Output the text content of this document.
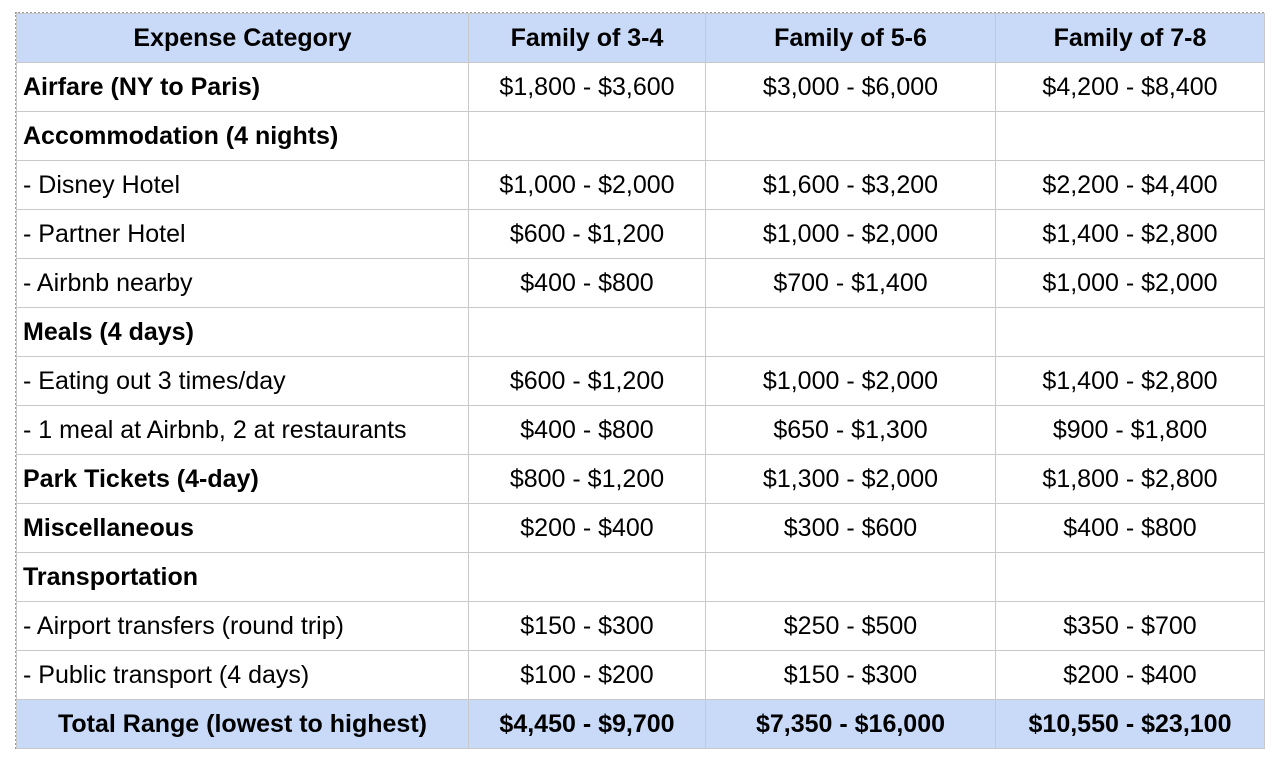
Expense Category	Family of 3-4	Family of 5-6	Family of 7-8
Airfare (NY to Paris)	$1,800 - $3,600	$3,000 - $6,000	$4,200 - $8,400
Accommodation (4 nights)			
- Disney Hotel	$1,000 - $2,000	$1,600 - $3,200	$2,200 - $4,400
- Partner Hotel	$600 - $1,200	$1,000 - $2,000	$1,400 - $2,800
- Airbnb nearby	$400 - $800	$700 - $1,400	$1,000 - $2,000
Meals (4 days)			
- Eating out 3 times/day	$600 - $1,200	$1,000 - $2,000	$1,400 - $2,800
- 1 meal at Airbnb, 2 at restaurants	$400 - $800	$650 - $1,300	$900 - $1,800
Park Tickets (4-day)	$800 - $1,200	$1,300 - $2,000	$1,800 - $2,800
Miscellaneous	$200 - $400	$300 - $600	$400 - $800
Transportation			
- Airport transfers (round trip)	$150 - $300	$250 - $500	$350 - $700
- Public transport (4 days)	$100 - $200	$150 - $300	$200 - $400
Total Range (lowest to highest)	$4,450 - $9,700	$7,350 - $16,000	$10,550 - $23,100
